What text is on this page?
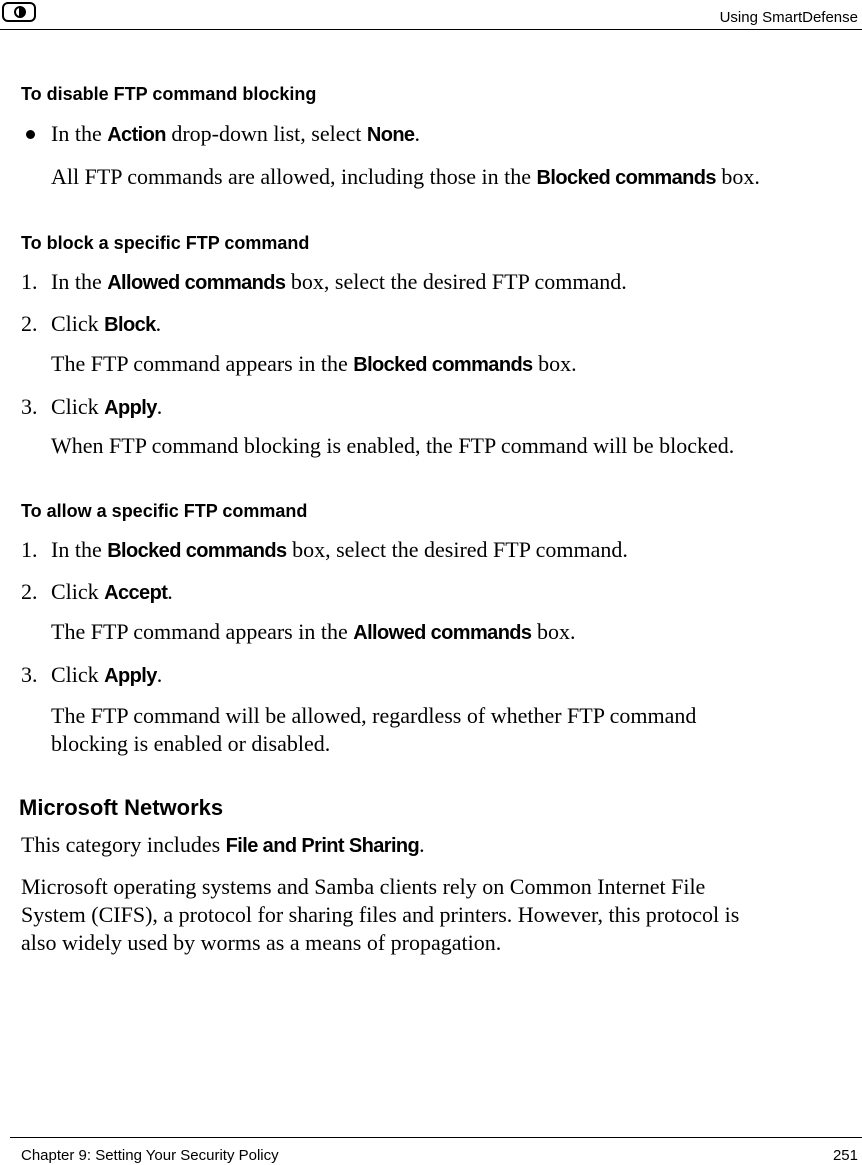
Using SmartDefense
To disable FTP command blocking
In the Action drop-down list, select None.
All FTP commands are allowed, including those in the Blocked commands box.
To block a specific FTP command
1. In the Allowed commands box, select the desired FTP command.
2. Click Block.
The FTP command appears in the Blocked commands box.
3. Click Apply.
When FTP command blocking is enabled, the FTP command will be blocked.
To allow a specific FTP command
1. In the Blocked commands box, select the desired FTP command.
2. Click Accept.
The FTP command appears in the Allowed commands box.
3. Click Apply.
The FTP command will be allowed, regardless of whether FTP command
blocking is enabled or disabled.
Microsoft Networks
This category includes File and Print Sharing.
Microsoft operating systems and Samba clients rely on Common Internet File
System (CIFS), a protocol for sharing files and printers. However, this protocol is
also widely used by worms as a means of propagation.
Chapter 9: Setting Your Security Policy	251
